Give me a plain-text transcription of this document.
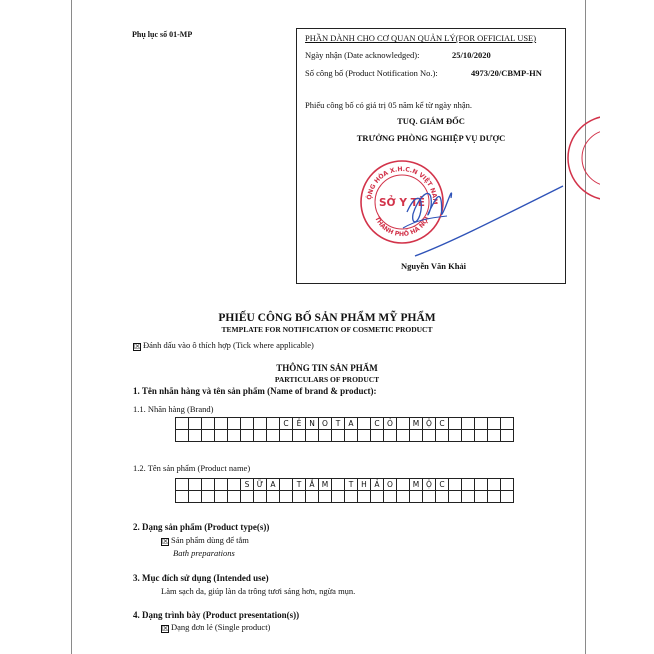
Phụ lục số 01-MP	PHẦN DÀNH CHO CƠ QUAN QUẢN LÝ(FOR OFFICIAL USE)
Ngày nhận (Date acknowledged):	25/10/2020
Số công bố (Product Notification No.):	4973/20/CBMP-HN
Phiếu công bố có giá trị 05 năm kể từ ngày nhận.
TUQ. GIÁM ĐỐC
TRƯỞNG PHÒNG NGHIỆP VỤ DƯỢC
ỘNG HÒA X.H.C.N VIỆT NAM
THÀNH PHỐ HÀ NỘI
SỞ Y TẾ
Nguyễn Văn Khải
PHIẾU CÔNG BỐ SẢN PHẨM MỸ PHẨM
TEMPLATE FOR NOTIFICATION OF COSMETIC PRODUCT
☒ Đánh dấu vào ô thích hợp (Tick where applicable)
THÔNG TIN SẢN PHẨM
PARTICULARS OF PRODUCT
1. Tên nhãn hàng và tên sản phẩm (Name of brand & product):
1.1. Nhãn hàng (Brand)
C	Ê	N O	T	A	C Ỏ	M Ộ C
1.2. Tên sản phẩm (Product name)
S Ữ A	T	Ắ M	T	H	Ả O	M Ộ C
2. Dạng sản phẩm (Product type(s))
☒ Sản phẩm dùng để tắm
Bath preparations
3. Mục đích sử dụng (Intended use)
Làm sạch da, giúp làn da trông tươi sáng hơn, ngừa mụn.
4. Dạng trình bày (Product presentation(s))
☒ Dạng đơn lẻ (Single product)
